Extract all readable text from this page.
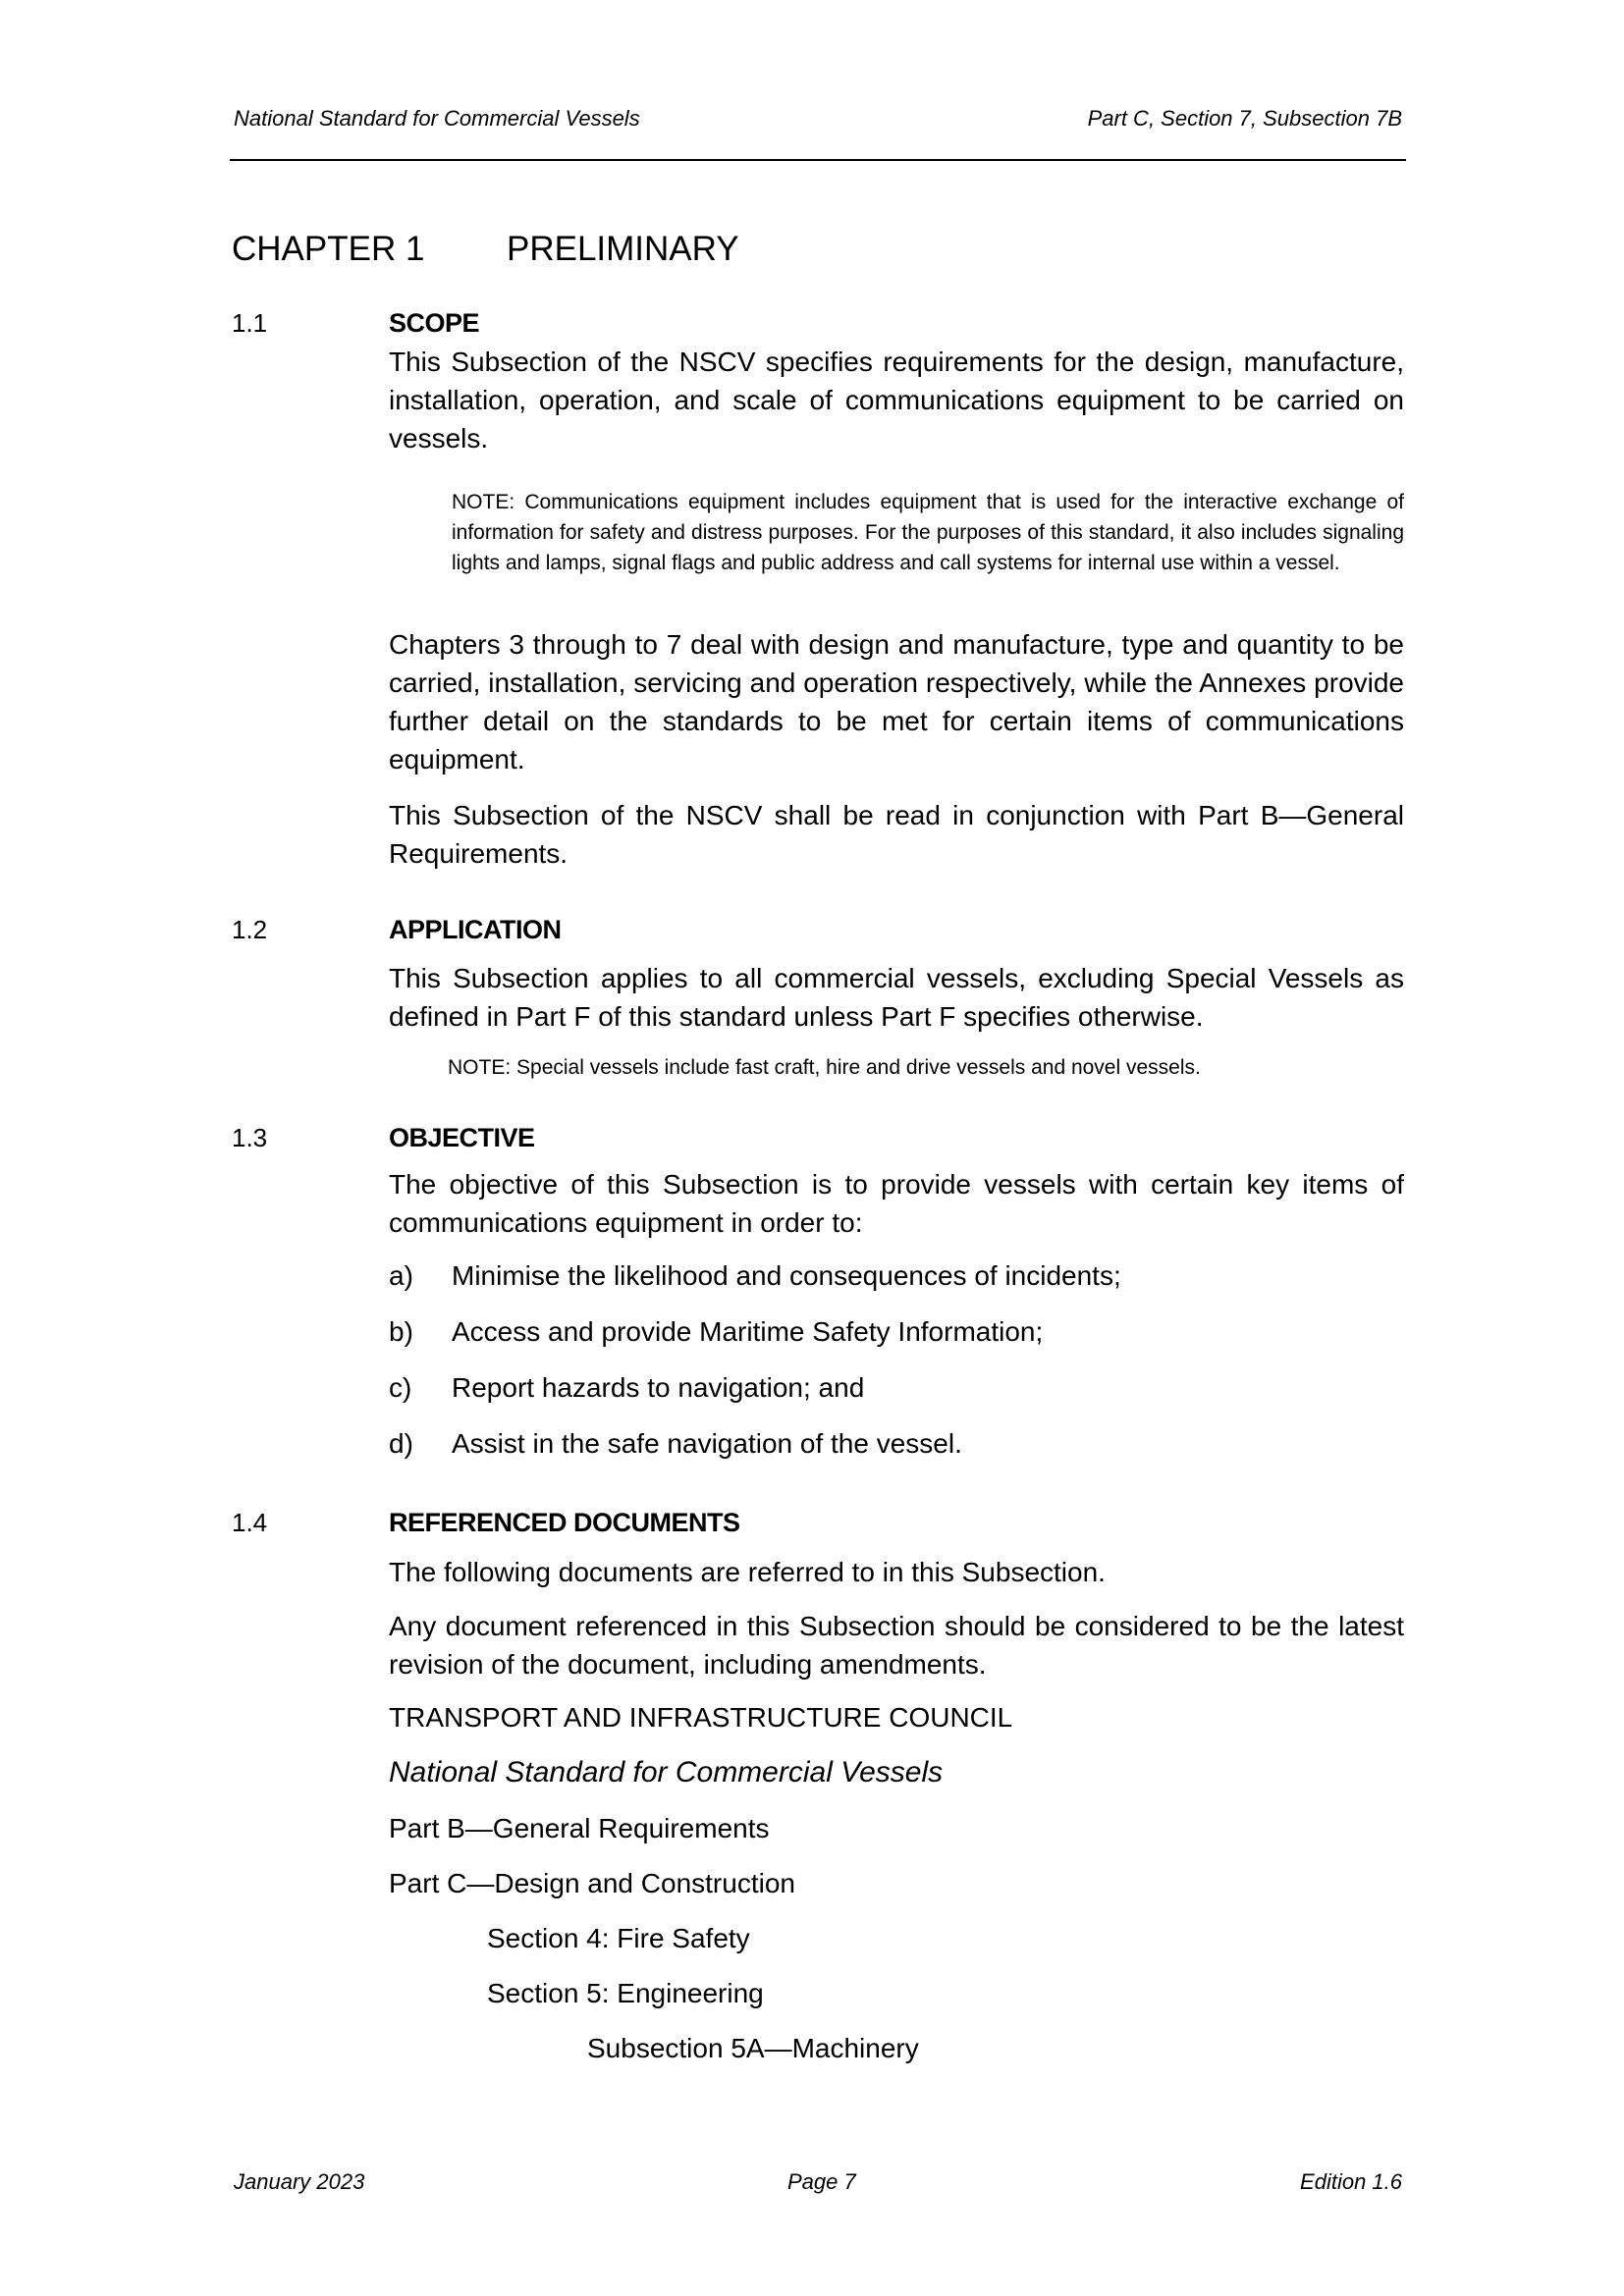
National Standard for Commercial Vessels	Part C, Section 7, Subsection 7B
CHAPTER 1 PRELIMINARY
1.1	SCOPE
This Subsection of the NSCV specifies requirements for the design, manufacture, installation, operation, and scale of communications equipment to be carried on vessels.
NOTE: Communications equipment includes equipment that is used for the interactive exchange of information for safety and distress purposes. For the purposes of this standard, it also includes signaling lights and lamps, signal flags and public address and call systems for internal use within a vessel.
Chapters 3 through to 7 deal with design and manufacture, type and quantity to be carried, installation, servicing and operation respectively, while the Annexes provide further detail on the standards to be met for certain items of communications equipment.
This Subsection of the NSCV shall be read in conjunction with Part B—General Requirements.
1.2	APPLICATION
This Subsection applies to all commercial vessels, excluding Special Vessels as defined in Part F of this standard unless Part F specifies otherwise.
NOTE: Special vessels include fast craft, hire and drive vessels and novel vessels.
1.3	OBJECTIVE
The objective of this Subsection is to provide vessels with certain key items of communications equipment in order to:
a) Minimise the likelihood and consequences of incidents;
b) Access and provide Maritime Safety Information;
c) Report hazards to navigation; and
d) Assist in the safe navigation of the vessel.
1.4	REFERENCED DOCUMENTS
The following documents are referred to in this Subsection.
Any document referenced in this Subsection should be considered to be the latest revision of the document, including amendments.
TRANSPORT AND INFRASTRUCTURE COUNCIL
National Standard for Commercial Vessels
Part B—General Requirements
Part C—Design and Construction
Section 4: Fire Safety
Section 5: Engineering
Subsection 5A—Machinery
January 2023	Page 7	Edition 1.6
